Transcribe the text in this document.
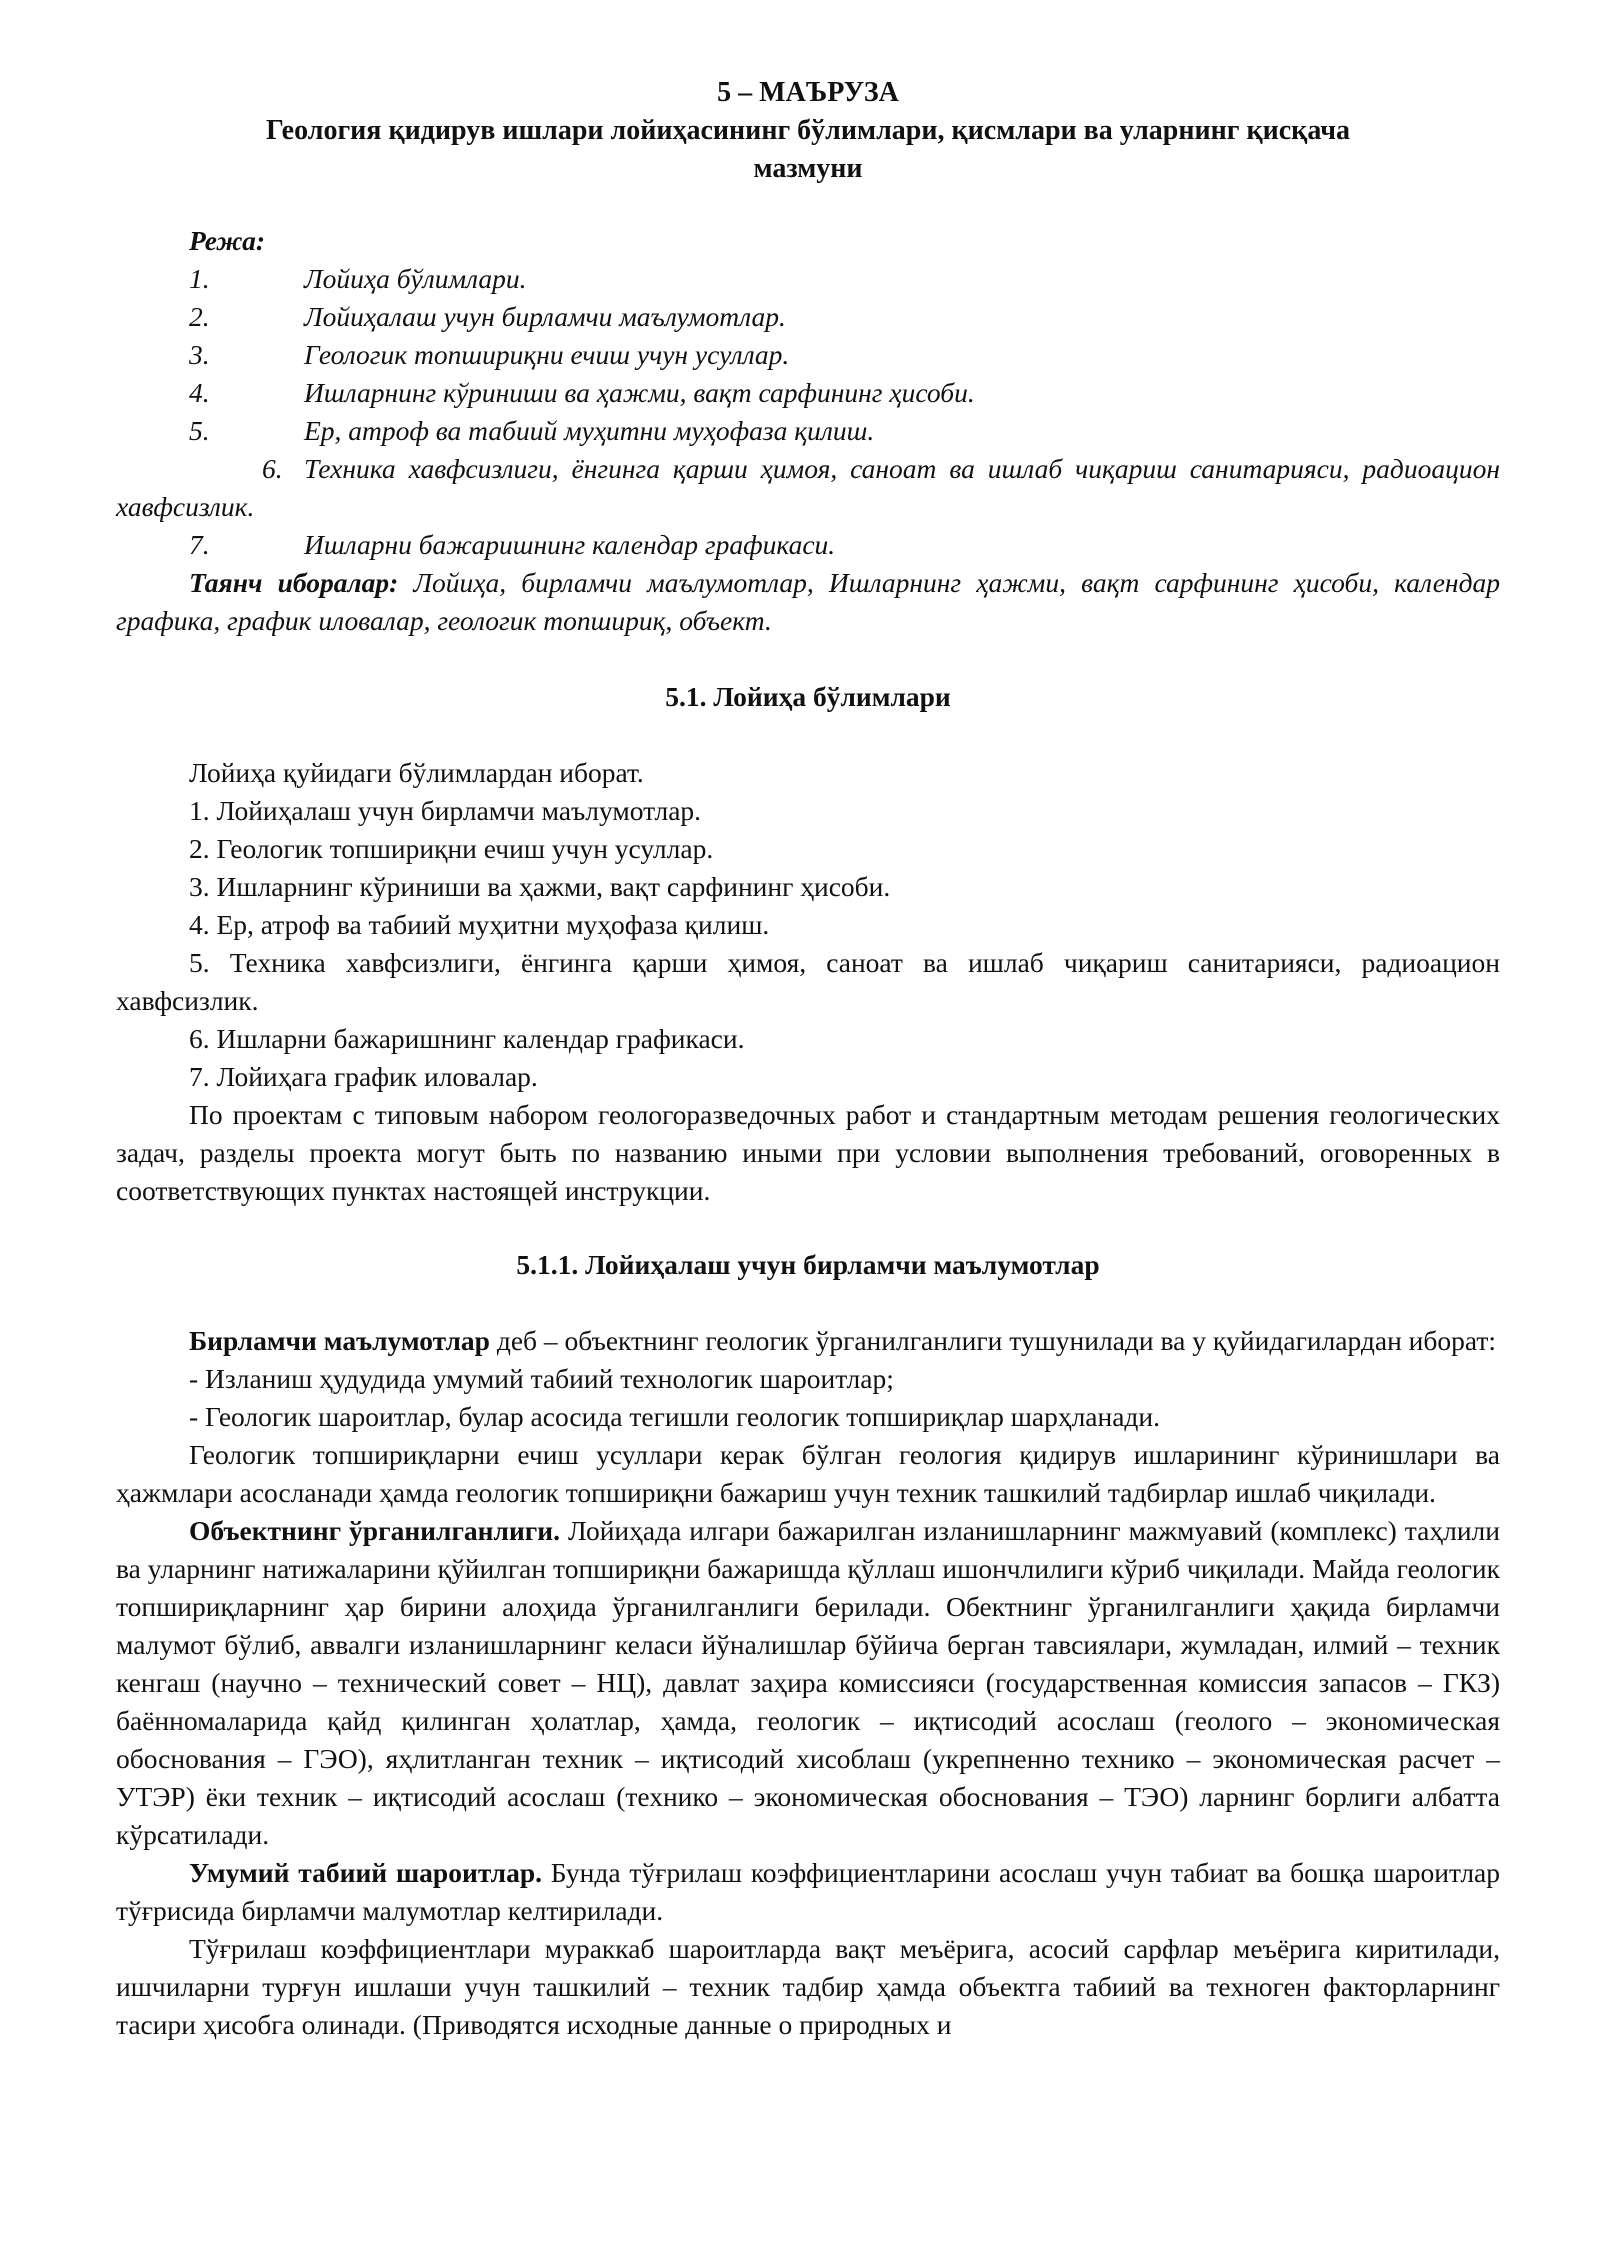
5 – МАЪРУЗА
Геология қидирув ишлари лойиҳасининг бўлимлари, қисмлари ва уларнинг қисқача
мазмуни
Режа:
1.	Лойиҳа бўлимлари.
2.	Лойиҳалаш учун бирламчи маълумотлар.
3.	Геологик топшириқни ечиш учун усуллар.
4.	Ишларнинг кўриниши ва ҳажми, вақт сарфининг ҳисоби.
5.	Ер, атроф ва табиий муҳитни муҳофаза қилиш.
6. Техника хавфсизлиги, ёнгинга қарши ҳимоя, саноат ва ишлаб чиқариш санитарияси, радиоацион хавфсизлик.
7.	Ишларни бажаришнинг календар графикаси.
Таянч иборалар: Лойиҳа, бирламчи маълумотлар, Ишларнинг ҳажми, вақт сарфининг ҳисоби, календар графика, график иловалар, геологик топшириқ, объект.
5.1. Лойиҳа бўлимлари
Лойиҳа қуйидаги бўлимлардан иборат.
1. Лойиҳалаш учун бирламчи маълумотлар.
2. Геологик топшириқни ечиш учун усуллар.
3. Ишларнинг кўриниши ва ҳажми, вақт сарфининг ҳисоби.
4. Ер, атроф ва табиий муҳитни муҳофаза қилиш.
5. Техника хавфсизлиги, ёнгинга қарши ҳимоя, саноат ва ишлаб чиқариш санитарияси, радиоацион хавфсизлик.
6. Ишларни бажаришнинг календар графикаси.
7. Лойиҳага график иловалар.
По проектам с типовым набором геологоразведочных работ и стандартным методам решения геологических задач, разделы проекта могут быть по названию иными при условии выполнения требований, оговоренных в соответствующих пунктах настоящей инструкции.
5.1.1. Лойиҳалаш учун бирламчи маълумотлар
Бирламчи маълумотлар деб – объектнинг геологик ўрганилганлиги тушунилади ва у қуйидагилардан иборат:
- Изланиш ҳудудида умумий табиий технологик шароитлар;
- Геологик шароитлар, булар асосида тегишли геологик топшириқлар шарҳланади.
Геологик топшириқларни ечиш усуллари керак бўлган геология қидирув ишларининг кўринишлари ва ҳажмлари асосланади ҳамда геологик топшириқни бажариш учун техник ташкилий тадбирлар ишлаб чиқилади.
Объектнинг ўрганилганлиги. Лойиҳада илгари бажарилган изланишларнинг мажмуавий (комплекс) таҳлили ва уларнинг натижаларини қўйилган топшириқни бажаришда қўллаш ишончлилиги кўриб чиқилади. Майда геологик топшириқларнинг ҳар бирини алоҳида ўрганилганлиги берилади. Обектнинг ўрганилганлиги ҳақида бирламчи малумот бўлиб, аввалги изланишларнинг келаси йўналишлар бўйича берган тавсиялари, жумладан, илмий – техник кенгаш (научно – технический совет – НЦ), давлат заҳира комиссияси (государственная комиссия запасов – ГКЗ) баённомаларида қайд қилинган ҳолатлар, ҳамда, геологик – иқтисодий асослаш (геолого – экономическая обоснования – ГЭО), яҳлитланган техник – иқтисодий хисоблаш (укрепненно технико – экономическая расчет – УТЭР) ёки техник – иқтисодий асослаш (технико – экономическая обоснования – ТЭО) ларнинг борлиги албатта кўрсатилади.
Умумий табиий шароитлар. Бунда тўғрилаш коэффициентларини асослаш учун табиат ва бошқа шароитлар тўғрисида бирламчи малумотлар келтирилади.
Тўғрилаш коэффициентлари мураккаб шароитларда вақт меъёрига, асосий сарфлар меъёрига киритилади, ишчиларни турғун ишлаши учун ташкилий – техник тадбир ҳамда объектга табиий ва техноген факторларнинг тасири ҳисобга олинади. (Приводятся исходные данные о природных и
